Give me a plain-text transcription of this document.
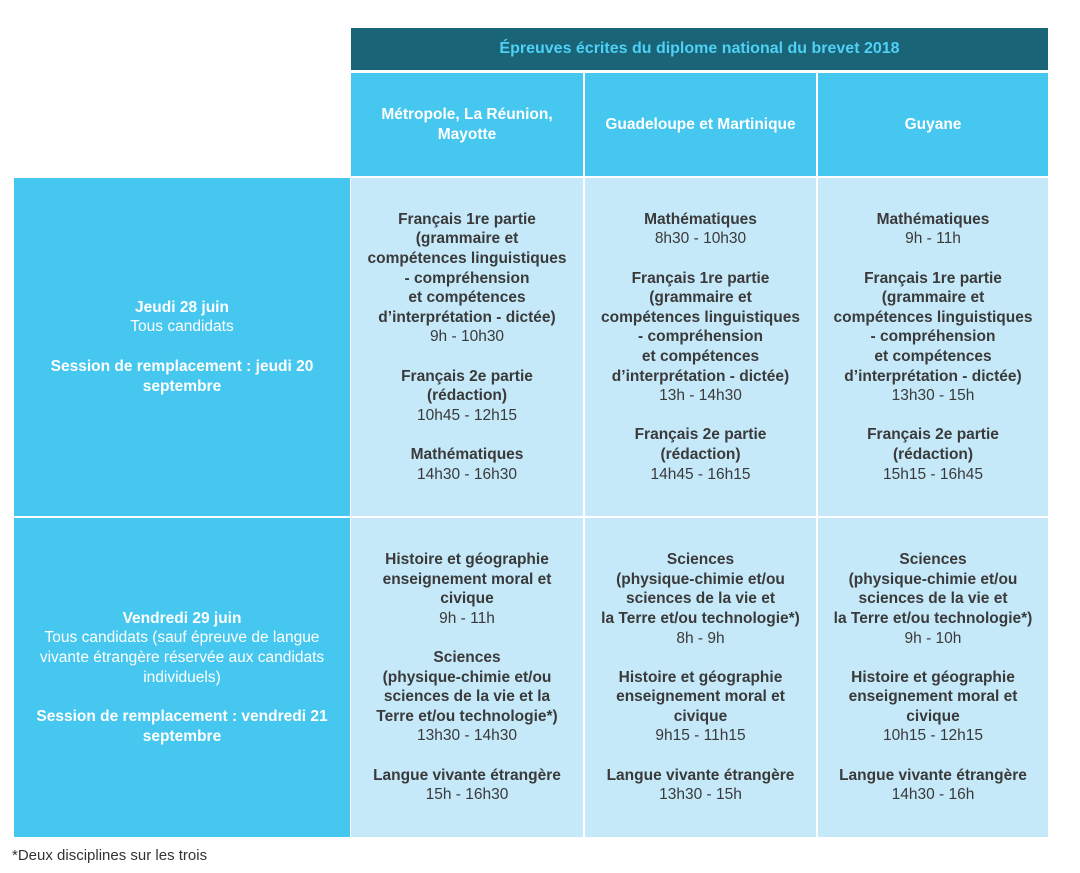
Épreuves écrites du diplome national du brevet 2018
Métropole, La Réunion,
Mayotte
Guadeloupe et Martinique	Guyane
Jeudi 28 juin
Tous candidats
Session de remplacement : jeudi 20 septembre
Français 1re partie
(grammaire et
compétences linguistiques
- compréhension
et compétences
d’interprétation - dictée)
9h - 10h30
Français 2e partie
(rédaction)
10h45 - 12h15
Mathématiques
14h30 - 16h30
Mathématiques
8h30 - 10h30
Français 1re partie
(grammaire et
compétences linguistiques
- compréhension
et compétences
d’interprétation - dictée)
13h - 14h30
Français 2e partie
(rédaction)
14h45 - 16h15
Mathématiques
9h - 11h
Français 1re partie
(grammaire et
compétences linguistiques
- compréhension
et compétences
d’interprétation - dictée)
13h30 - 15h
Français 2e partie
(rédaction)
15h15 - 16h45
Vendredi 29 juin
Tous candidats (sauf épreuve de langue vivante étrangère réservée aux candidats individuels)
Session de remplacement : vendredi 21 septembre
Histoire et géographie
enseignement moral et
civique
9h - 11h
Sciences
(physique-chimie et/ou
sciences de la vie et la
Terre et/ou technologie*)
13h30 - 14h30
Langue vivante étrangère
15h - 16h30
Sciences
(physique-chimie et/ou
sciences de la vie et
la Terre et/ou technologie*)
8h - 9h
Histoire et géographie
enseignement moral et
civique
9h15 - 11h15
Langue vivante étrangère
13h30 - 15h
Sciences
(physique-chimie et/ou
sciences de la vie et
la Terre et/ou technologie*)
9h - 10h
Histoire et géographie
enseignement moral et
civique
10h15 - 12h15
Langue vivante étrangère
14h30 - 16h
*Deux disciplines sur les trois
